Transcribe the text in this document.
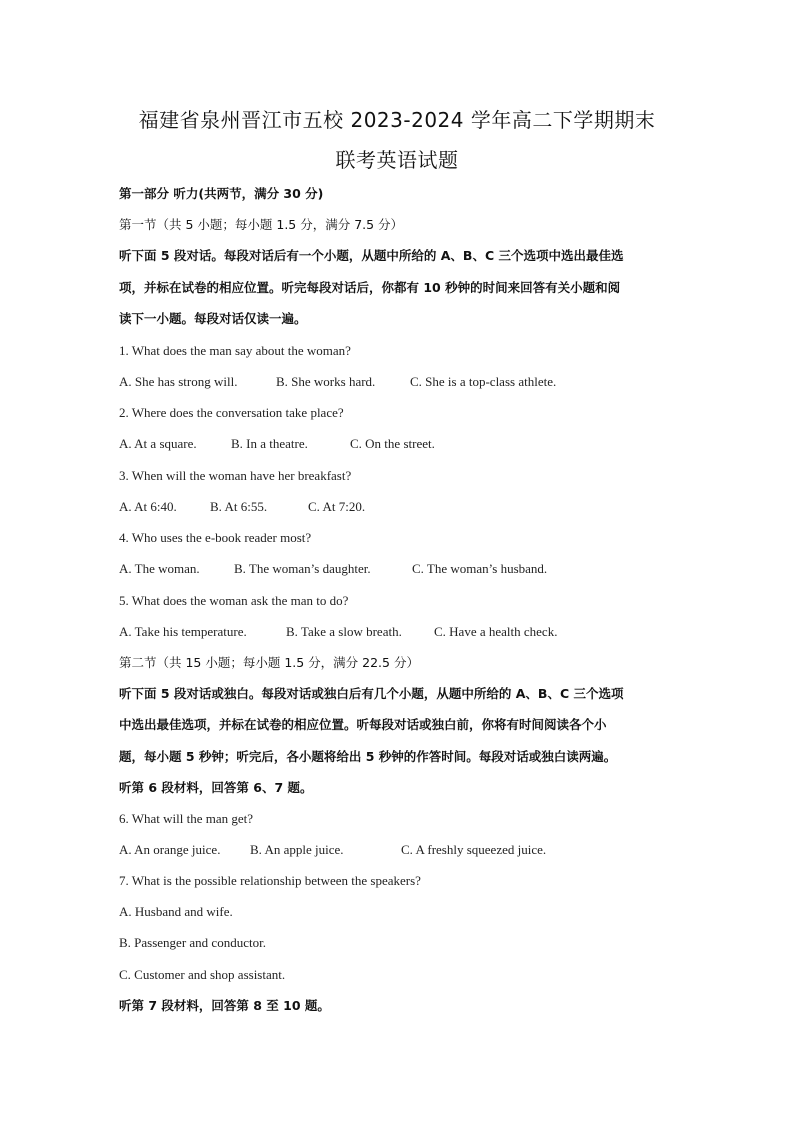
福建省泉州晋江市五校 2023-2024 学年高二下学期期末
联考英语试题
第一部分 听力(共两节，满分 30 分)
第一节（共 5 小题；每小题 1.5 分，满分 7.5 分）
听下面 5 段对话。每段对话后有一个小题，从题中所给的 A、B、C 三个选项中选出最佳选
项，并标在试卷的相应位置。听完每段对话后，你都有 10 秒钟的时间来回答有关小题和阅
读下一小题。每段对话仅读一遍。
1. What does the man say about the woman?
A. She has strong will.	B. She works hard.	C. She is a top-class athlete.
2. Where does the conversation take place?
A. At a square.	B. In a theatre.	C. On the street.
3. When will the woman have her breakfast?
A. At 6:40.	B. At 6:55.	C. At 7:20.
4. Who uses the e-book reader most?
A. The woman.	B. The woman’s daughter.	C. The woman’s husband.
5. What does the woman ask the man to do?
A. Take his temperature.	B. Take a slow breath. C. Have a health check.
第二节（共 15 小题；每小题 1.5 分，满分 22.5 分）
听下面 5 段对话或独白。每段对话或独白后有几个小题，从题中所给的 A、B、C 三个选项
中选出最佳选项，并标在试卷的相应位置。听每段对话或独白前，你将有时间阅读各个小
题，每小题 5 秒钟；听完后，各小题将给出 5 秒钟的作答时间。每段对话或独白读两遍。
听第 6 段材料，回答第 6、7 题。
6. What will the man get?
A. An orange juice. B. An apple juice.	C. A freshly squeezed juice.
7. What is the possible relationship between the speakers?
A. Husband and wife.
B. Passenger and conductor.
C. Customer and shop assistant.
听第 7 段材料，回答第 8 至 10 题。
